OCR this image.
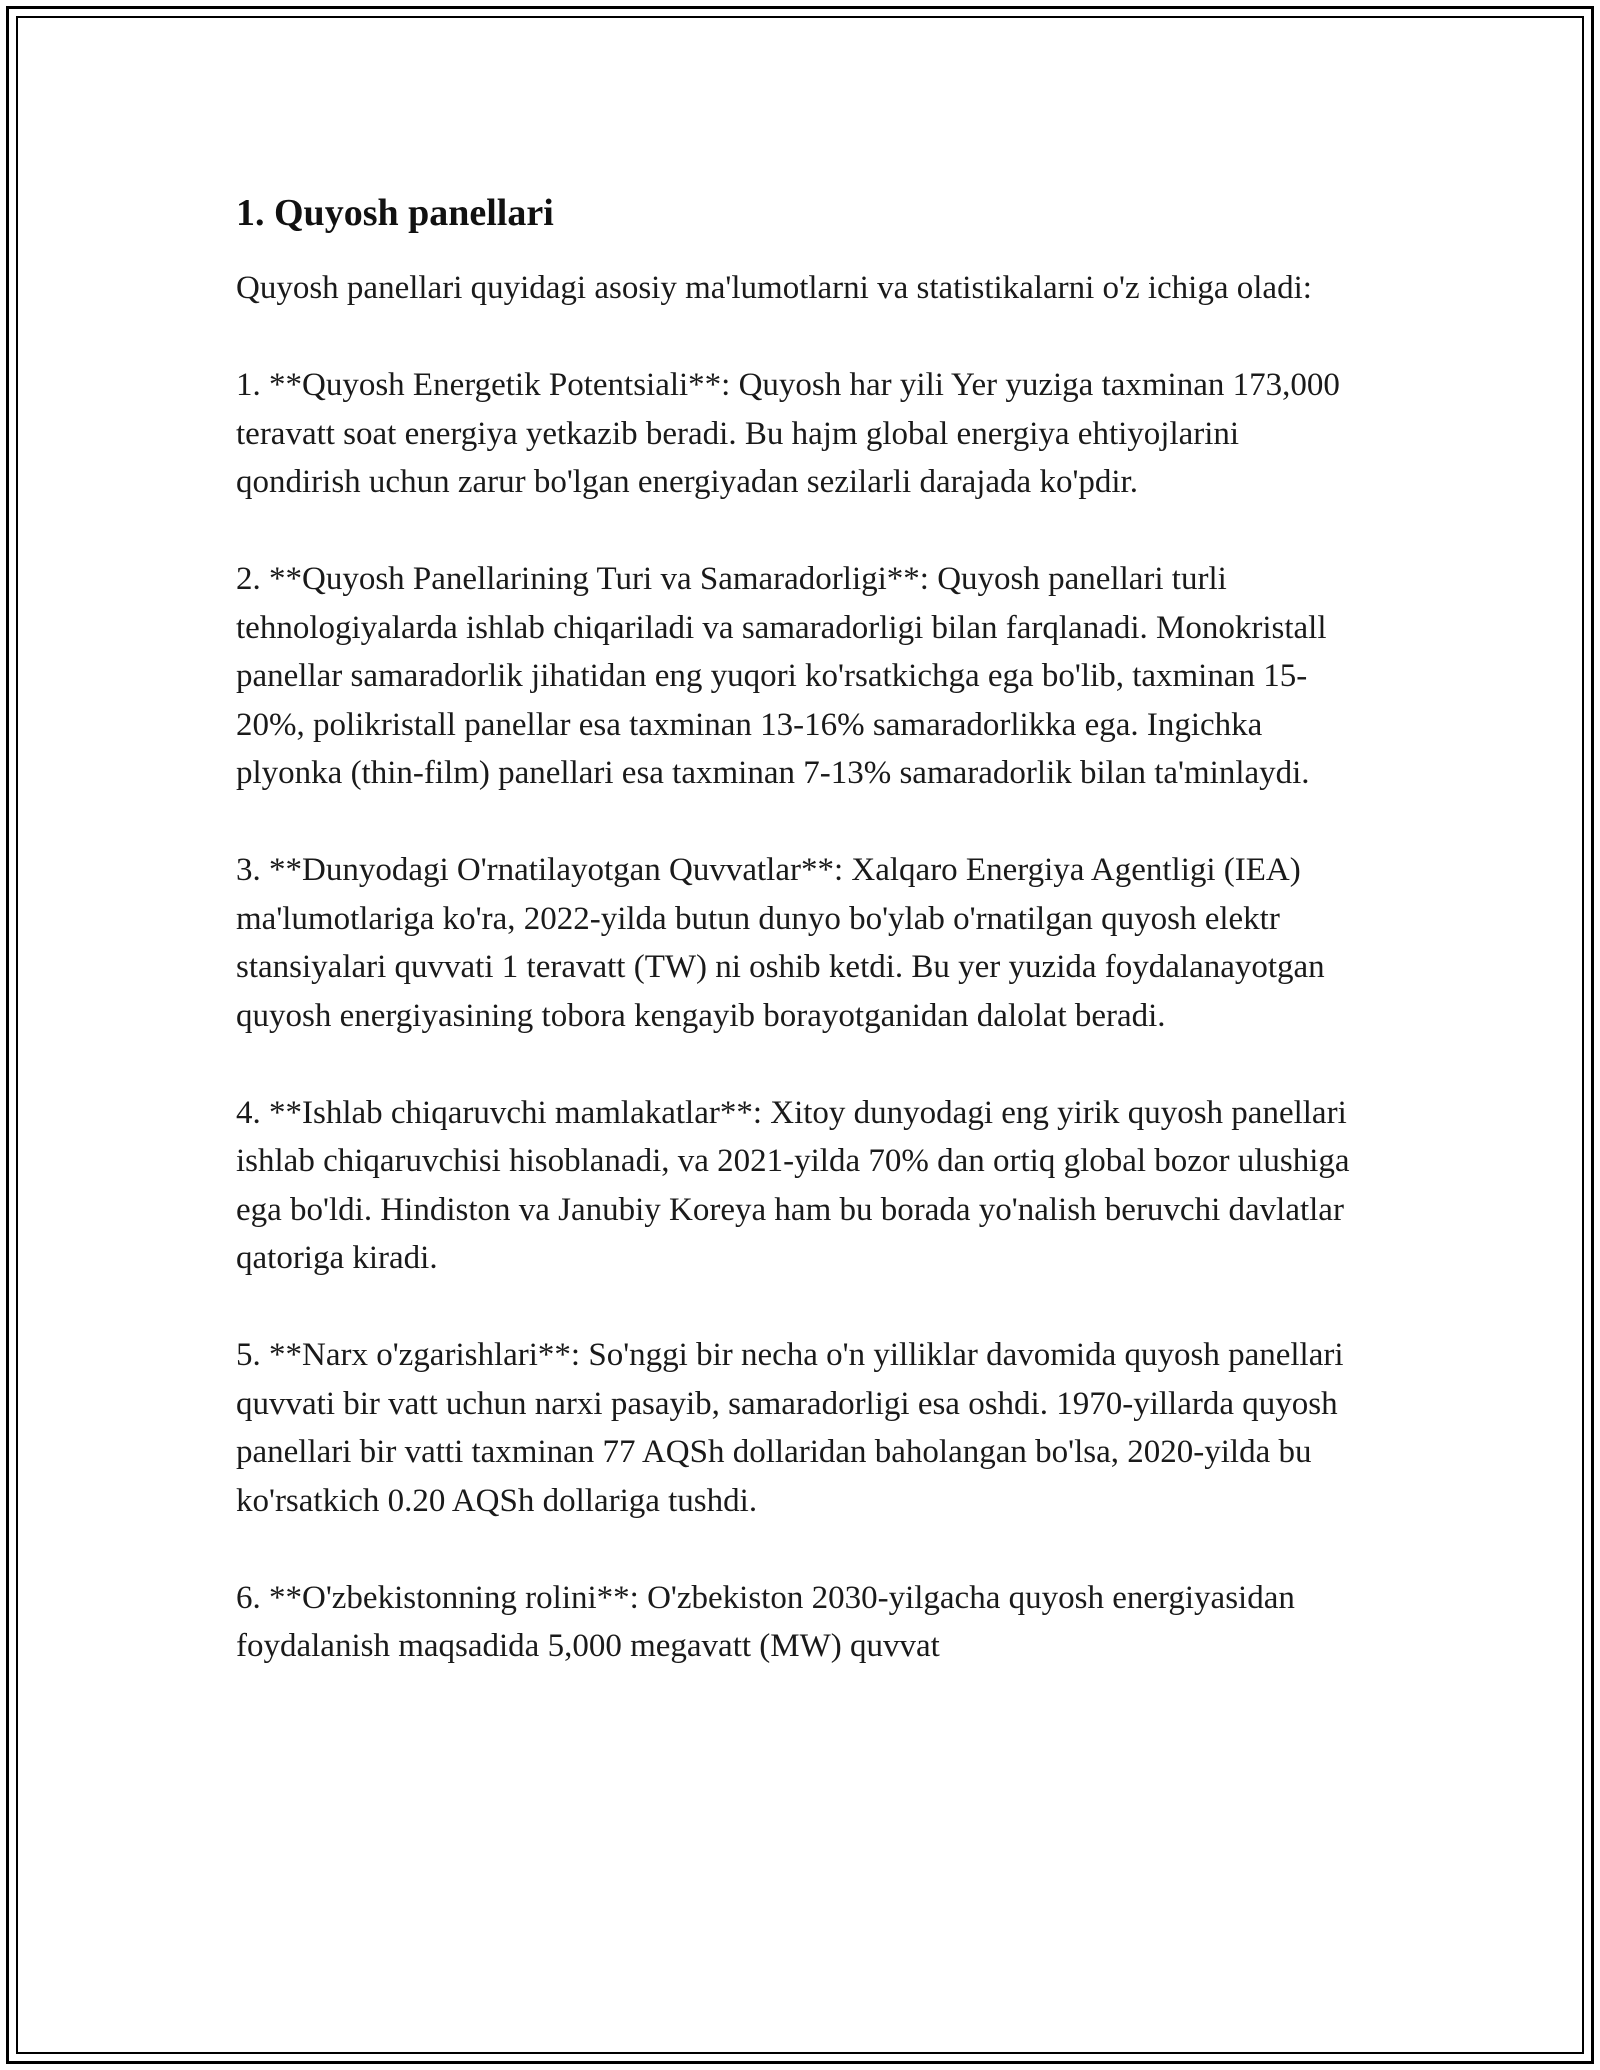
1. Quyosh panellari

Quyosh panellari quyidagi asosiy ma'lumotlarni va statistikalarni o'z ichiga oladi:

1. **Quyosh Energetik Potentsiali**: Quyosh har yili Yer yuziga taxminan 173,000 teravatt soat energiya yetkazib beradi. Bu hajm global energiya ehtiyojlarini qondirish uchun zarur bo'lgan energiyadan sezilarli darajada ko'pdir.

2. **Quyosh Panellarining Turi va Samaradorligi**: Quyosh panellari turli tehnologiyalarda ishlab chiqariladi va samaradorligi bilan farqlanadi. Monokristall panellar samaradorlik jihatidan eng yuqori ko'rsatkichga ega bo'lib, taxminan 15-20%, polikristall panellar esa taxminan 13-16% samaradorlikka ega. Ingichka plyonka (thin-film) panellari esa taxminan 7-13% samaradorlik bilan ta'minlaydi.

3. **Dunyodagi O'rnatilayotgan Quvvatlar**: Xalqaro Energiya Agentligi (IEA) ma'lumotlariga ko'ra, 2022-yilda butun dunyo bo'ylab o'rnatilgan quyosh elektr stansiyalari quvvati 1 teravatt (TW) ni oshib ketdi. Bu yer yuzida foydalanayotgan quyosh energiyasining tobora kengayib borayotganidan dalolat beradi.

4. **Ishlab chiqaruvchi mamlakatlar**: Xitoy dunyodagi eng yirik quyosh panellari ishlab chiqaruvchisi hisoblanadi, va 2021-yilda 70% dan ortiq global bozor ulushiga ega bo'ldi. Hindiston va Janubiy Koreya ham bu borada yo'nalish beruvchi davlatlar qatoriga kiradi.

5. **Narx o'zgarishlari**: So'nggi bir necha o'n yilliklar davomida quyosh panellari quvvati bir vatt uchun narxi pasayib, samaradorligi esa oshdi. 1970-yillarda quyosh panellari bir vatti taxminan 77 AQSh dollaridan baholangan bo'lsa, 2020-yilda bu ko'rsatkich 0.20 AQSh dollariga tushdi.

6. **O'zbekistonning rolini**: O'zbekiston 2030-yilgacha quyosh energiyasidan foydalanish maqsadida 5,000 megavatt (MW) quvvat
